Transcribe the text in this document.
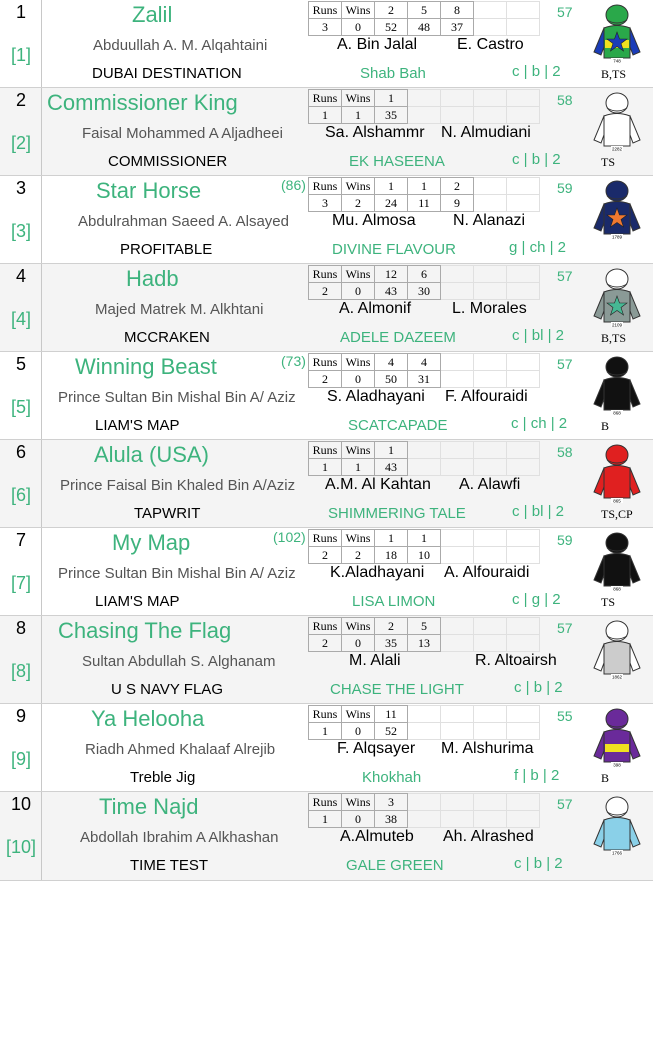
1
[1]
Zalil
Abduullah A. M. Alqahtaini
DUBAI DESTINATION	Shab Bah
A. Bin Jalal E. Castro
c | b | 2
57
Runs	Wins	2	5	8		
3	0	52	48	37		
748
B,TS
2
[2]
Commissioner King
Faisal Mohammed A Aljadheei
COMMISSIONER	EK HASEENA
Sa. Alshammr N. Almudiani
c | b | 2
58
Runs	Wins	1				
1	1	35				
2282
TS
3
[3]
Star Horse	(86)
Abdulrahman Saeed A. Alsayed
PROFITABLE	DIVINE FLAVOUR
Mu. Almosa N. Alanazi
g | ch | 2
59
Runs	Wins	1	1	2		
3	2	24	11	9		
1789
4
[4]
Hadb
Majed Matrek M. Alkhtani
MCCRAKEN	ADELE DAZEEM
A. Almonif	L. Morales
c | bl | 2
57
Runs	Wins	12	6			
2	0	43	30			
2109
B,TS
5
[5]
Winning Beast	(73)
Prince Sultan Bin Mishal Bin A/ Aziz
LIAM'S MAP	SCATCAPADE
S. Aladhayani F. Alfouraidi
c | ch | 2
57
Runs	Wins	4	4			
2	0	50	31			
868
B
6
[6]
Alula (USA)
Prince Faisal Bin Khaled Bin A/Aziz
TAPWRIT	SHIMMERING TALE
A.M. Al Kahtan A. Alawfi
c | bl | 2
58
Runs	Wins	1				
1	1	43				
865
TS,CP
7
[7]
My Map	(102)
Prince Sultan Bin Mishal Bin A/ Aziz
LIAM'S MAP	LISA LIMON
K.Aladhayani A. Alfouraidi
c | g | 2
59
Runs	Wins	1	1			
2	2	18	10			
868
TS
8
[8]
Chasing The Flag
Sultan Abdullah S. Alghanam
U S NAVY FLAG	CHASE THE LIGHT
M. Alali	R. Altoairsh
c | b | 2
57
Runs	Wins	2	5			
2	0	35	13			
1862
9
[9]
Ya Helooha
Riadh Ahmed Khalaaf Alrejib
Treble Jig	Khokhah
F. Alqsayer M. Alshurima
f | b | 2
55
Runs	Wins	11				
1	0	52				
398
B
10
[10]
Time Najd
Abdollah Ibrahim A Alkhashan
TIME TEST	GALE GREEN
A.Almuteb Ah. Alrashed
c | b | 2
57
Runs	Wins	3				
1	0	38				
1766
